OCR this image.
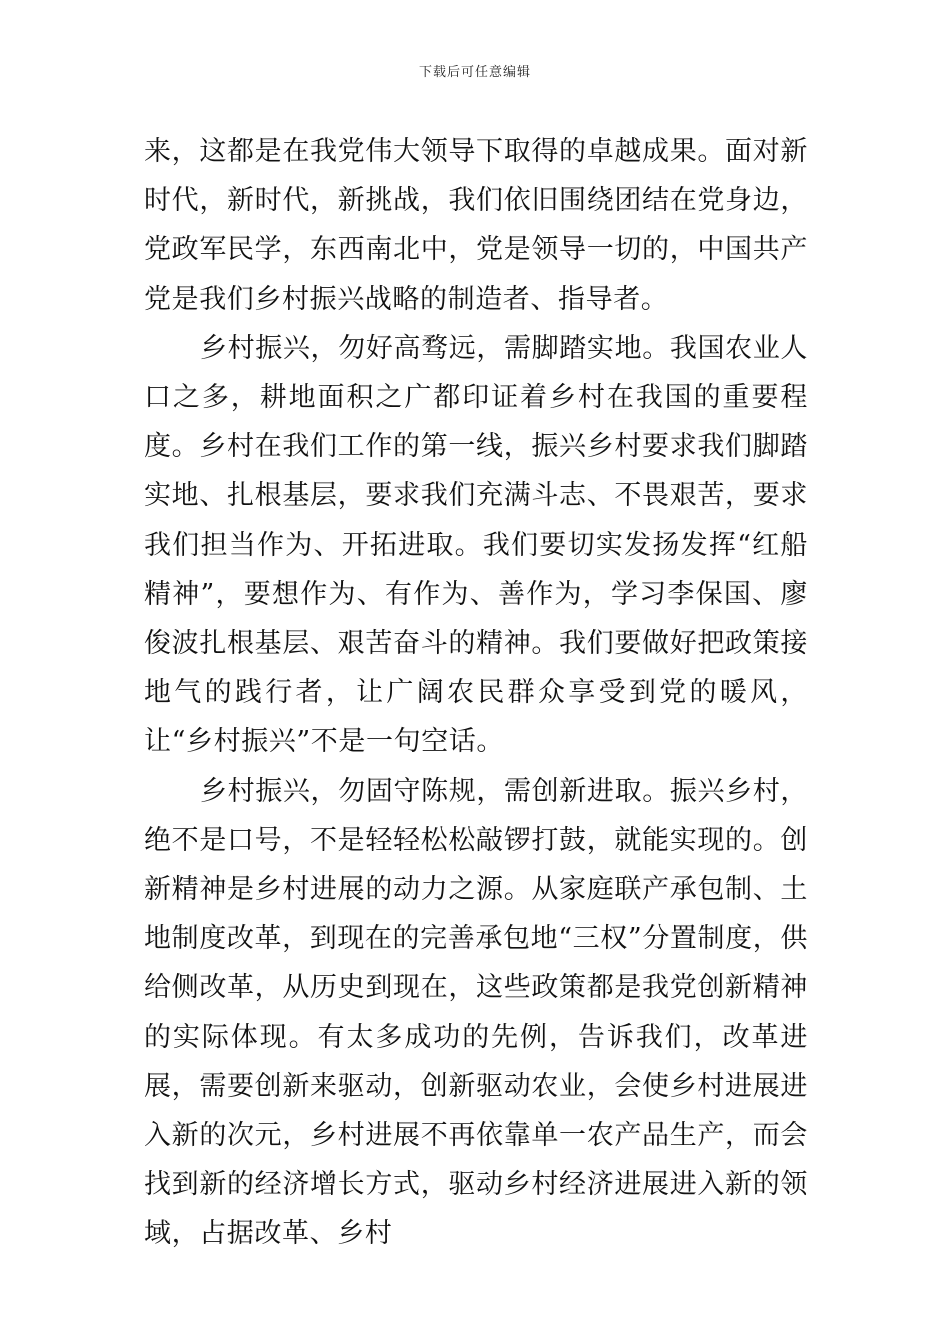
下载后可任意编辑

来，这都是在我党伟大领导下取得的卓越成果。面对新时代，新时代，新挑战，我们依旧围绕团结在党身边，党政军民学，东西南北中，党是领导一切的，中国共产党是我们乡村振兴战略的制造者、指导者。

乡村振兴，勿好高骛远，需脚踏实地。我国农业人口之多，耕地面积之广都印证着乡村在我国的重要程度。乡村在我们工作的第一线，振兴乡村要求我们脚踏实地、扎根基层，要求我们充满斗志、不畏艰苦，要求我们担当作为、开拓进取。我们要切实发扬发挥“红船精神”，要想作为、有作为、善作为，学习李保国、廖俊波扎根基层、艰苦奋斗的精神。我们要做好把政策接地气的践行者，让广阔农民群众享受到党的暖风，让“乡村振兴”不是一句空话。

乡村振兴，勿固守陈规，需创新进取。振兴乡村，绝不是口号，不是轻轻松松敲锣打鼓，就能实现的。创新精神是乡村进展的动力之源。从家庭联产承包制、土地制度改革，到现在的完善承包地“三权”分置制度，供给侧改革，从历史到现在，这些政策都是我党创新精神的实际体现。有太多成功的先例，告诉我们，改革进展，需要创新来驱动，创新驱动农业，会使乡村进展进入新的次元，乡村进展不再依靠单一农产品生产，而会找到新的经济增长方式，驱动乡村经济进展进入新的领域，占据改革、乡村
